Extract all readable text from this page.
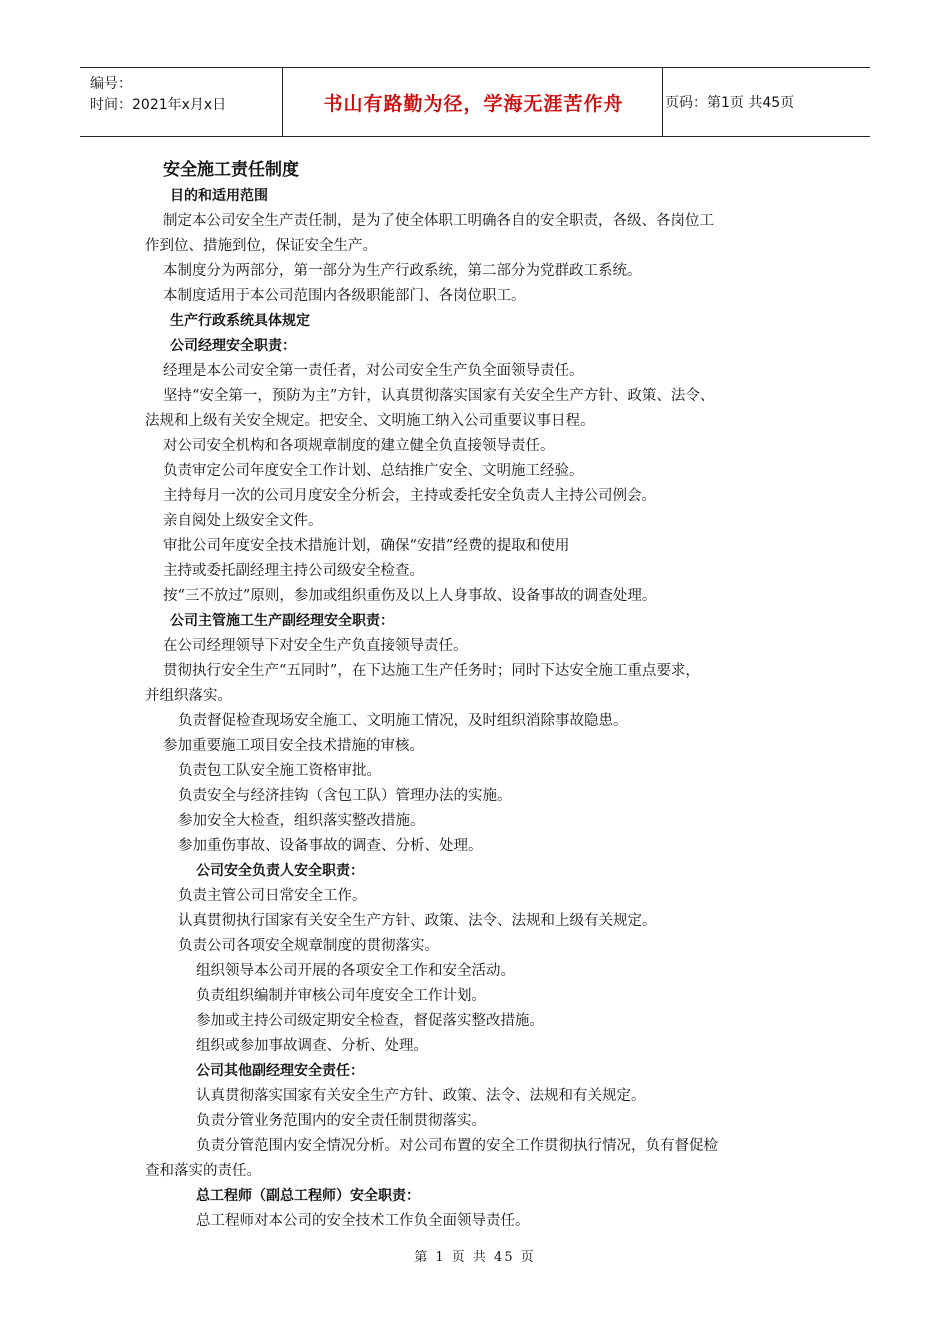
编号：
时间：2021年x月x日	书山有路勤为径，学海无涯苦作舟	页码：第1页 共45页
安全施工责任制度
目的和适用范围
制定本公司安全生产责任制，是为了使全体职工明确各自的安全职责，各级、各岗位工
作到位、措施到位，保证安全生产。
本制度分为两部分，第一部分为生产行政系统，第二部分为党群政工系统。
本制度适用于本公司范围内各级职能部门、各岗位职工。
生产行政系统具体规定
公司经理安全职责：
经理是本公司安全第一责任者，对公司安全生产负全面领导责任。
坚持“安全第一，预防为主”方针，认真贯彻落实国家有关安全生产方针、政策、法令、
法规和上级有关安全规定。把安全、文明施工纳入公司重要议事日程。
对公司安全机构和各项规章制度的建立健全负直接领导责任。
负责审定公司年度安全工作计划、总结推广安全、文明施工经验。
主持每月一次的公司月度安全分析会，主持或委托安全负责人主持公司例会。
亲自阅处上级安全文件。
审批公司年度安全技术措施计划，确保“安措”经费的提取和使用
主持或委托副经理主持公司级安全检查。
按“三不放过”原则，参加或组织重伤及以上人身事故、设备事故的调查处理。
公司主管施工生产副经理安全职责：
在公司经理领导下对安全生产负直接领导责任。
贯彻执行安全生产“五同时”，在下达施工生产任务时；同时下达安全施工重点要求，
并组织落实。
负责督促检查现场安全施工、文明施工情况，及时组织消除事故隐患。
参加重要施工项目安全技术措施的审核。
负责包工队安全施工资格审批。
负责安全与经济挂钩（含包工队）管理办法的实施。
参加安全大检查，组织落实整改措施。
参加重伤事故、设备事故的调查、分析、处理。
公司安全负责人安全职责：
负责主管公司日常安全工作。
认真贯彻执行国家有关安全生产方针、政策、法令、法规和上级有关规定。
负责公司各项安全规章制度的贯彻落实。
组织领导本公司开展的各项安全工作和安全活动。
负责组织编制并审核公司年度安全工作计划。
参加或主持公司级定期安全检查，督促落实整改措施。
组织或参加事故调查、分析、处理。
公司其他副经理安全责任：
认真贯彻落实国家有关安全生产方针、政策、法令、法规和有关规定。
负责分管业务范围内的安全责任制贯彻落实。
负责分管范围内安全情况分析。对公司布置的安全工作贯彻执行情况，负有督促检
查和落实的责任。
总工程师（副总工程师）安全职责：
总工程师对本公司的安全技术工作负全面领导责任。
第 1 页 共 45 页
